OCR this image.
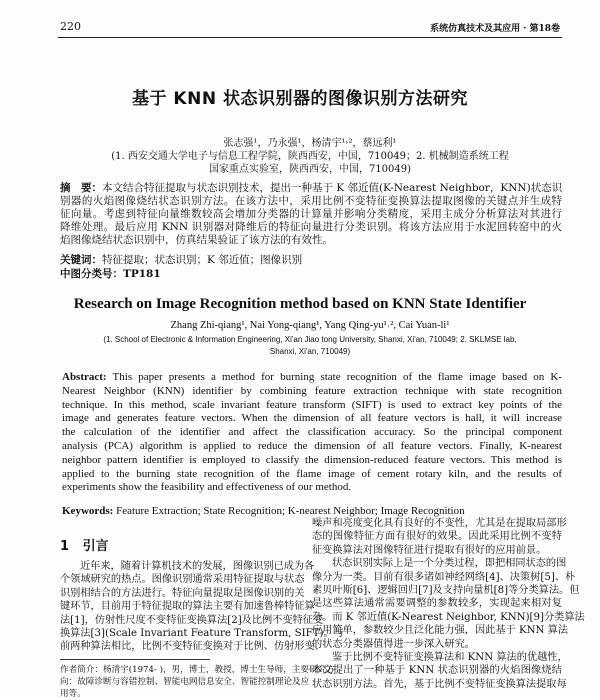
220	系统仿真技术及其应用 · 第18卷
基于 KNN 状态识别器的图像识别方法研究
张志强¹，乃永强¹，杨清宇¹˒²，蔡远利¹
(1. 西安交通大学电子与信息工程学院，陕西西安，中国，710049；2. 机械制造系统工程
国家重点实验室，陕西西安，中国，710049)
摘　要：本文结合特征提取与状态识别技术，提出一种基于 K 邻近值(K-Nearest Neighbor，KNN)状态识
别器的火焰图像烧结状态识别方法。在该方法中，采用比例不变特征变换算法提取图像的关键点并生成特
征向量。考虑到特征向量维数较高会增加分类器的计算量并影响分类精度，采用主成分分析算法对其进行
降维处理。最后应用 KNN 识别器对降维后的特征向量进行分类识别。将该方法应用于水泥回转窑中的火
焰图像烧结状态识别中，仿真结果验证了该方法的有效性。
关键词：特征提取；状态识别；K 邻近值；图像识别
中图分类号：TP181
Research on Image Recognition method based on KNN State Identifier
Zhang Zhi-qiang¹, Nai Yong-qiang¹, Yang Qing-yu¹˒², Cai Yuan-li¹
(1. School of Electronic & Information Engineering, Xi'an Jiao tong University, Shanxi, Xi'an, 710049; 2. SKLMSE lab,
Shanxi, Xi'an, 710049)
Abstract: This paper presents a method for burning state recognition of the flame image based on K-
Nearest Neighbor (KNN) identifier by combining feature extraction technique with state recognition
technique. In this method, scale invariant feature transform (SIFT) is used to extract key points of the
image and generates feature vectors. When the dimension of all feature vectors is hall, it will increase
the calculation of the identifier and affect the classification accuracy. So the principal component
analysis (PCA) algorithm is applied to reduce the dimension of all feature vectors. Finally, K-nearest
neighbor pattern identifier is employed to classify the dimension-reduced feature vectors. This method is
applied to the burning state recognition of the flame image of cement rotary kiln, and the results of
experiments show the feasibility and effectiveness of our method.
Keywords: Feature Extraction; State Recognition; K-nearest Neighbor; Image Recognition
1 引言
近年来，随着计算机技术的发展，图像识别已成为各
个领域研究的热点。图像识别通常采用特征提取与状态
识别相结合的方法进行。特征向量提取是图像识别的关
键环节，目前用于特征提取的算法主要有加速鲁棒特征算
法[1]，仿射性尺度不变特征变换算法[2]及比例不变特征变
换算法[3](Scale Invariant Feature Transform, SIFT)。与
前两种算法相比，比例不变特征变换对于比例、仿射形变、
噪声和亮度变化具有良好的不变性，尤其是在提取局部形
态的图像特征方面有很好的效果。因此采用比例不变特
征变换算法对图像特征进行提取有很好的应用前景。
状态识别实际上是一个分类过程，即把相同状态的图
像分为一类。目前有很多诸如神经网络[4]、决策树[5]、朴
素贝叶斯[6]、逻辑回归[7]及支持向量机[8]等分类算法。但
是这些算法通常需要调整的参数较多，实现起来相对复
杂。而 K 邻近值(K-Nearest Neighbor, KNN)[9]分类算法
应用简单，参数较少且泛化能力强，因此基于 KNN 算法
的状态分类器值得进一步深入研究。
鉴于比例不变特征变换算法和 KNN 算法的优越性，
本文提出了一种基于 KNN 状态识别器的火焰图像烧结
状态识别方法。首先，基于比例不变特征变换算法提取每
作者简介：杨清宇(1974- )，男，博士，教授，博士生导师，主要研究方
向：故障诊断与容错控制、智能电网信息安全、智能控制理论及应
用等。
